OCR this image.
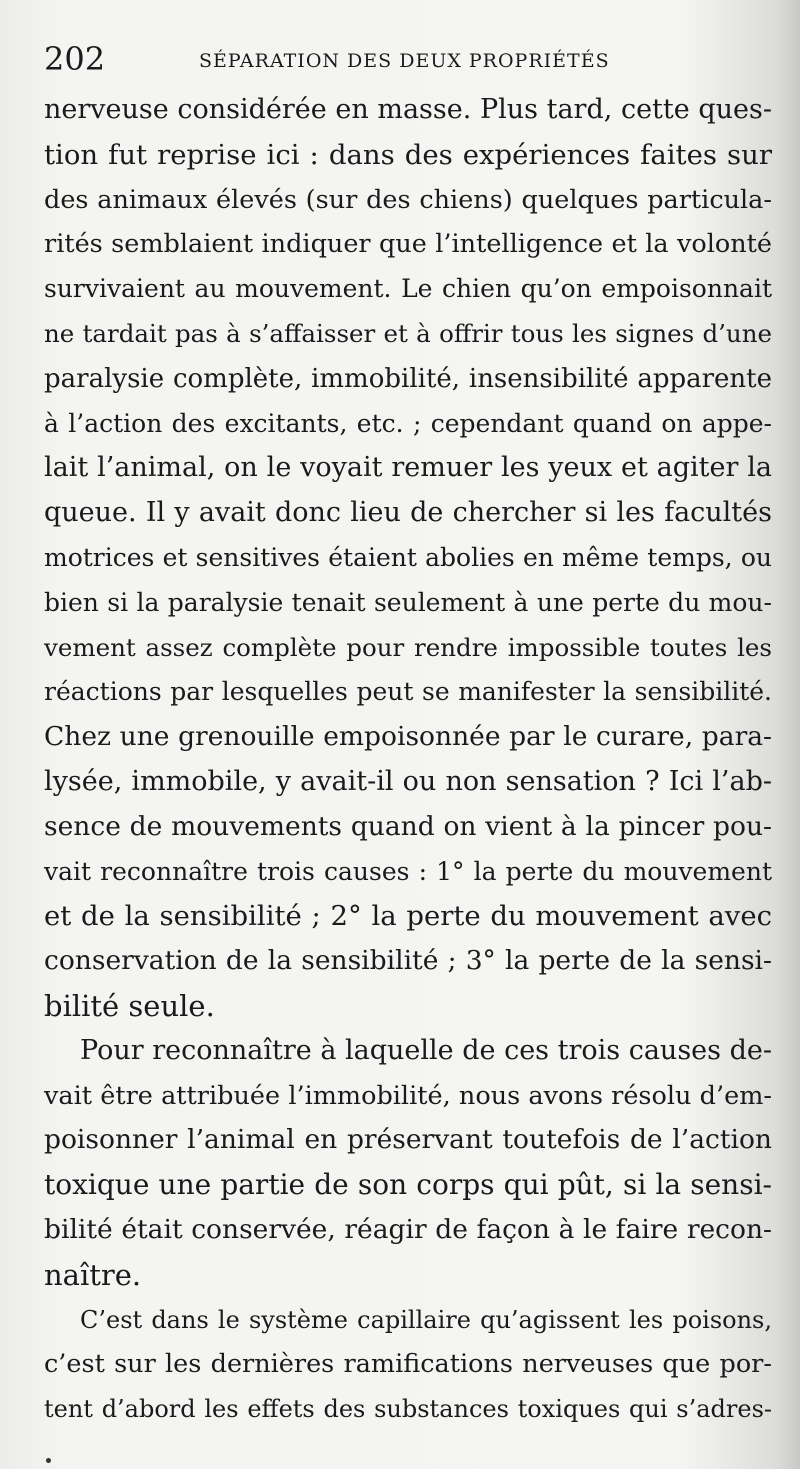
202	SÉPARATION DES DEUX PROPRIÉTÉS
nerveuse considérée en masse. Plus tard, cette ques-
tion fut reprise ici : dans des expériences faites sur
des animaux élevés (sur des chiens) quelques particula-
rités semblaient indiquer que l’intelligence et la volonté
survivaient au mouvement. Le chien qu’on empoisonnait
ne tardait pas à s’affaisser et à offrir tous les signes d’une
paralysie complète, immobilité, insensibilité apparente
à l’action des excitants, etc. ; cependant quand on appe-
lait l’animal, on le voyait remuer les yeux et agiter la
queue. Il y avait donc lieu de chercher si les facultés
motrices et sensitives étaient abolies en même temps, ou
bien si la paralysie tenait seulement à une perte du mou-
vement assez complète pour rendre impossible toutes les
réactions par lesquelles peut se manifester la sensibilité.
Chez une grenouille empoisonnée par le curare, para-
lysée, immobile, y avait-il ou non sensation ? Ici l’ab-
sence de mouvements quand on vient à la pincer pou-
vait reconnaître trois causes : 1° la perte du mouvement
et de la sensibilité ; 2° la perte du mouvement avec
conservation de la sensibilité ; 3° la perte de la sensi-
bilité seule.
Pour reconnaître à laquelle de ces trois causes de-
vait être attribuée l’immobilité, nous avons résolu d’em-
poisonner l’animal en préservant toutefois de l’action
toxique une partie de son corps qui pût, si la sensi-
bilité était conservée, réagir de façon à le faire recon-
naître.
C’est dans le système capillaire qu’agissent les poisons,
c’est sur les dernières ramifications nerveuses que por-
tent d’abord les effets des substances toxiques qui s’adres-
